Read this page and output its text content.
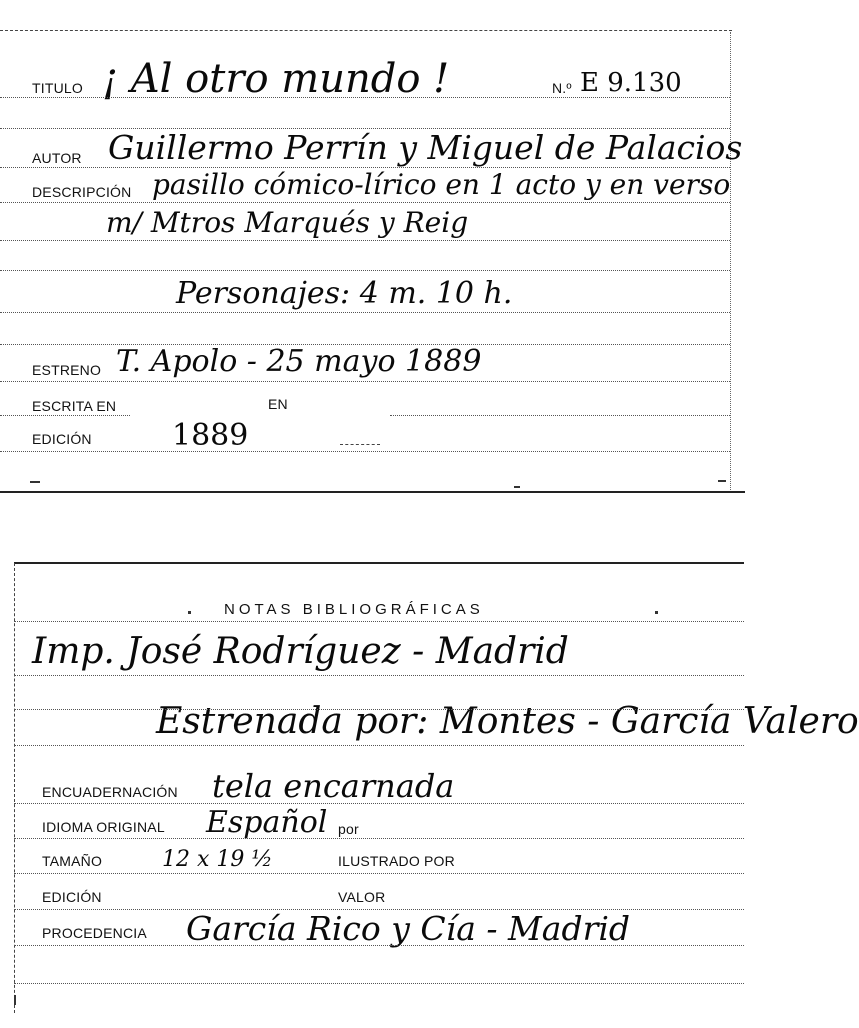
TITULO ¡ Al otro mundo !	N.º E 9.130
AUTOR Guillermo Perrín y Miguel de Palacios
DESCRIPCIÓN pasillo cómico-lírico en 1 acto y en verso
m/ Mtros Marqués y Reig
Personajes: 4 m. 10 h.
ESTRENO T. Apolo - 25 mayo 1889
ESCRITA EN	EN
EDICIÓN	1889
NOTAS BIBLIOGRÁFICAS
Imp. José Rodríguez - Madrid
Estrenada por: Montes - García Valero
ENCUADERNACIÓN tela encarnada
IDIOMA ORIGINAL Español por
TAMAÑO	12 x 19 ½	ILUSTRADO POR
EDICIÓN	VALOR
PROCEDENCIA García Rico y Cía - Madrid
